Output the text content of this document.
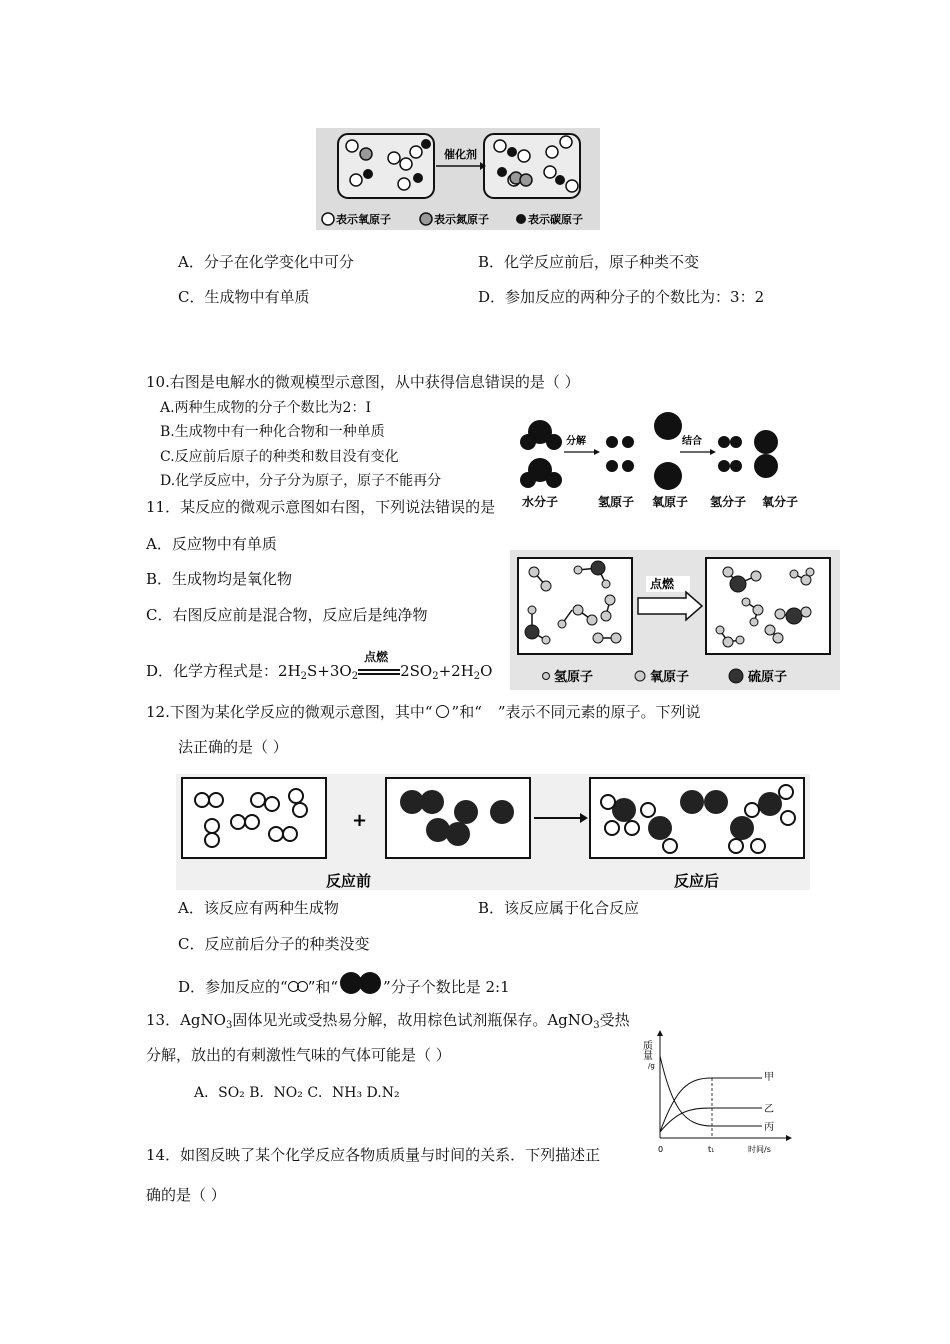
催化剂
表示氧原子	表示氮原子	表示碳原子
A．分子在化学变化中可分	B．化学反应前后，原子种类不变
C．生成物中有单质	D．参加反应的两种分子的个数比为：3：2
10.右图是电解水的微观模型示意图，从中获得信息错误的是（ ）
A.两种生成物的分子个数比为2：I
B.生成物中有一种化合物和一种单质
C.反应前后原子的种类和数目没有变化
D.化学反应中，分子分为原子，原子不能再分
分解	结合
水分子	氢原子 氧原子 氢分子 氧分子
11．某反应的微观示意图如右图，下列说法错误的是
A．反应物中有单质
B．生成物均是氧化物
C．右图反应前是混合物，反应后是纯净物
D．化学方程式是：$2H_2S+3O_2$
点燃
$2SO_2+2H_2O$
点燃
氢原子	氧原子	硫原子
12.下图为某化学反应的微观示意图，其中“ ”和“ ”表示不同元素的原子。下列说
法正确的是（ ）
+
反应前	反应后
A．该反应有两种生成物	B．该反应属于化合反应
C．反应前后分子的种类没变
D．参加反应的“ ”和“	”分子个数比是 2:1
13．AgNO$_3$固体见光或受热易分解，故用棕色试剂瓶保存。AgNO$_3$受热
分解，放出的有刺激性气味的气体可能是（ ）
A．SO₂ B．NO₂ C．NH₃ D.N₂
14．如图反映了某个化学反应各物质质量与时间的关系．下列描述正
确的是（ ）
质量
/g
甲
乙
丙
0	t₁	时间/s
